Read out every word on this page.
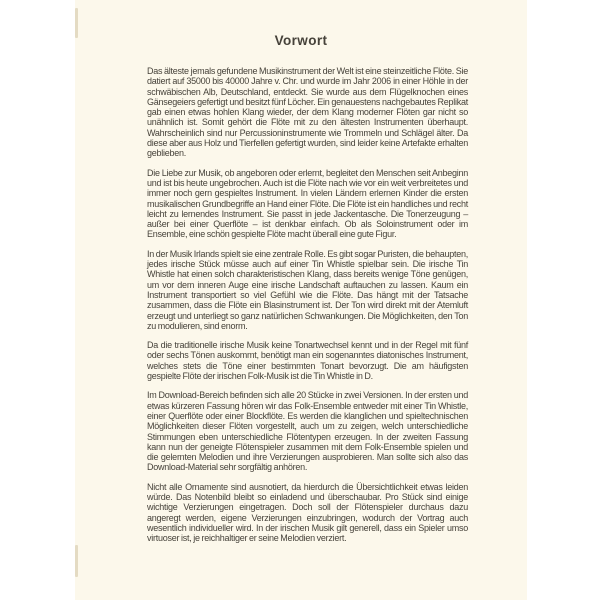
Vorwort

Das älteste jemals gefundene Musikinstrument der Welt ist eine steinzeitliche Flöte. Sie datiert auf 35000 bis 40000 Jahre v. Chr. und wurde im Jahr 2006 in einer Höhle in der schwäbischen Alb, Deutschland, entdeckt. Sie wurde aus dem Flügelknochen eines Gänsegeiers gefertigt und besitzt fünf Löcher. Ein genauestens nachgebautes Replikat gab einen etwas hohlen Klang wieder, der dem Klang moderner Flöten gar nicht so unähnlich ist. Somit gehört die Flöte mit zu den ältesten Instrumenten überhaupt. Wahrscheinlich sind nur Percussioninstrumente wie Trommeln und Schlägel älter. Da diese aber aus Holz und Tierfellen gefertigt wurden, sind leider keine Artefakte erhalten geblieben.

Die Liebe zur Musik, ob angeboren oder erlernt, begleitet den Menschen seit Anbeginn und ist bis heute ungebrochen. Auch ist die Flöte nach wie vor ein weit verbreitetes und immer noch gern gespieltes Instrument. In vielen Ländern erlernen Kinder die ersten musikalischen Grundbegriffe an Hand einer Flöte. Die Flöte ist ein handliches und recht leicht zu lernendes Instrument. Sie passt in jede Jackentasche. Die Tonerzeugung – außer bei einer Querflöte – ist denkbar einfach. Ob als Soloinstrument oder im Ensemble, eine schön gespielte Flöte macht überall eine gute Figur.

In der Musik Irlands spielt sie eine zentrale Rolle. Es gibt sogar Puristen, die behaupten, jedes irische Stück müsse auch auf einer Tin Whistle spielbar sein. Die irische Tin Whistle hat einen solch charakteristischen Klang, dass bereits wenige Töne genügen, um vor dem inneren Auge eine irische Landschaft auftauchen zu lassen. Kaum ein Instrument transportiert so viel Gefühl wie die Flöte. Das hängt mit der Tatsache zusammen, dass die Flöte ein Blasinstrument ist. Der Ton wird direkt mit der Atemluft erzeugt und unterliegt so ganz natürlichen Schwankungen. Die Möglichkeiten, den Ton zu modulieren, sind enorm.

Da die traditionelle irische Musik keine Tonartwechsel kennt und in der Regel mit fünf oder sechs Tönen auskommt, benötigt man ein sogenanntes diatonisches Instrument, welches stets die Töne einer bestimmten Tonart bevorzugt. Die am häufigsten gespielte Flöte der irischen Folk-Musik ist die Tin Whistle in D.

Im Download-Bereich befinden sich alle 20 Stücke in zwei Versionen. In der ersten und etwas kürzeren Fassung hören wir das Folk-Ensemble entweder mit einer Tin Whistle, einer Querflöte oder einer Blockflöte. Es werden die klanglichen und spieltechnischen Möglichkeiten dieser Flöten vorgestellt, auch um zu zeigen, welch unterschiedliche Stimmungen eben unterschiedliche Flötentypen erzeugen. In der zweiten Fassung kann nun der geneigte Flötenspieler zusammen mit dem Folk-Ensemble spielen und die gelernten Melodien und ihre Verzierungen ausprobieren. Man sollte sich also das Download-Material sehr sorgfältig anhören.

Nicht alle Ornamente sind ausnotiert, da hierdurch die Übersichtlichkeit etwas leiden würde. Das Notenbild bleibt so einladend und überschaubar. Pro Stück sind einige wichtige Verzierungen eingetragen. Doch soll der Flötenspieler durchaus dazu angeregt werden, eigene Verzierungen einzubringen, wodurch der Vortrag auch wesentlich individueller wird. In der irischen Musik gilt generell, dass ein Spieler umso virtuoser ist, je reichhaltiger er seine Melodien verziert.
